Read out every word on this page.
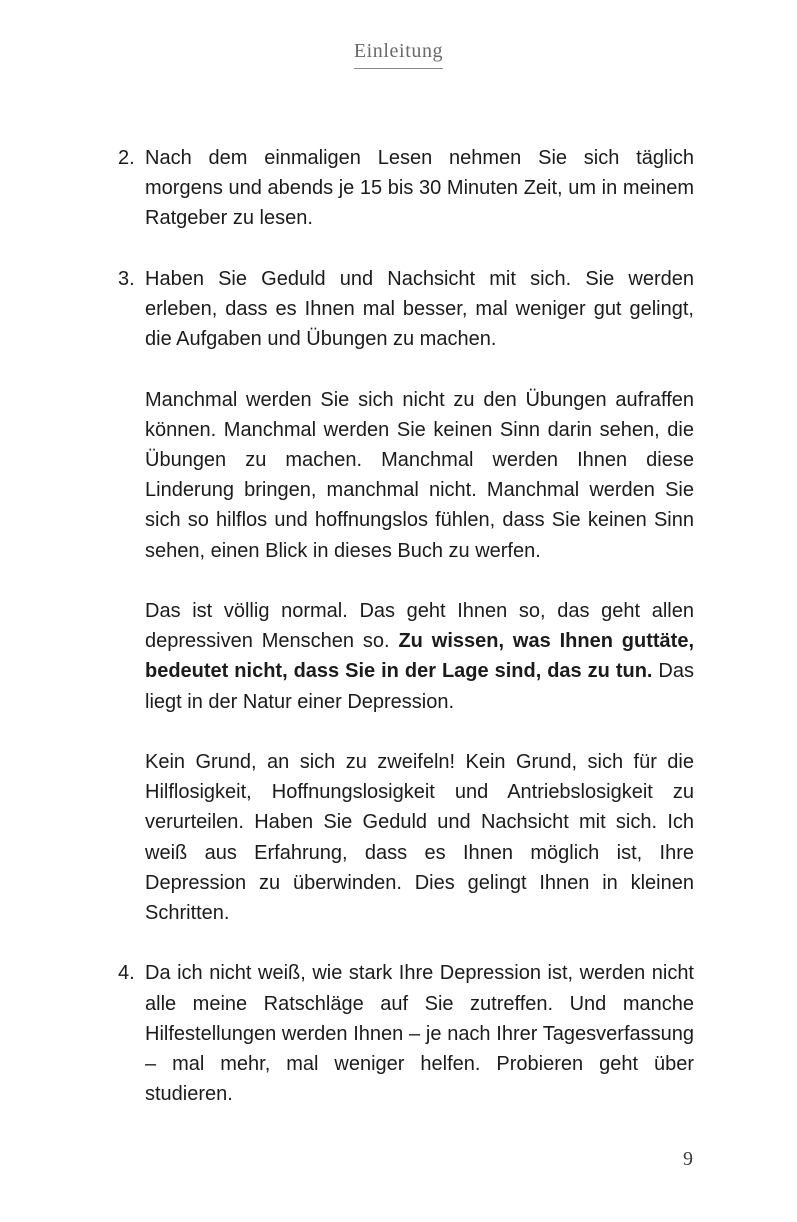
Einleitung
2. Nach dem einmaligen Lesen nehmen Sie sich täglich morgens und abends je 15 bis 30 Minuten Zeit, um in meinem Ratgeber zu lesen.

3. Haben Sie Geduld und Nachsicht mit sich. Sie werden erleben, dass es Ihnen mal besser, mal weniger gut gelingt, die Aufgaben und Übungen zu machen.

Manchmal werden Sie sich nicht zu den Übungen aufraffen können. Manchmal werden Sie keinen Sinn darin sehen, die Übungen zu machen. Manchmal werden Ihnen diese Linderung bringen, manchmal nicht. Manchmal werden Sie sich so hilflos und hoffnungslos fühlen, dass Sie keinen Sinn sehen, einen Blick in dieses Buch zu werfen.

Das ist völlig normal. Das geht Ihnen so, das geht allen depressiven Menschen so. Zu wissen, was Ihnen guttäte, bedeutet nicht, dass Sie in der Lage sind, das zu tun. Das liegt in der Natur einer Depression.

Kein Grund, an sich zu zweifeln! Kein Grund, sich für die Hilflosigkeit, Hoffnungslosigkeit und Antriebslosigkeit zu verurteilen. Haben Sie Geduld und Nachsicht mit sich. Ich weiß aus Erfahrung, dass es Ihnen möglich ist, Ihre Depression zu überwinden. Dies gelingt Ihnen in kleinen Schritten.

4. Da ich nicht weiß, wie stark Ihre Depression ist, werden nicht alle meine Ratschläge auf Sie zutreffen. Und manche Hilfestellungen werden Ihnen – je nach Ihrer Tagesverfassung – mal mehr, mal weniger helfen. Probieren geht über studieren.

9
